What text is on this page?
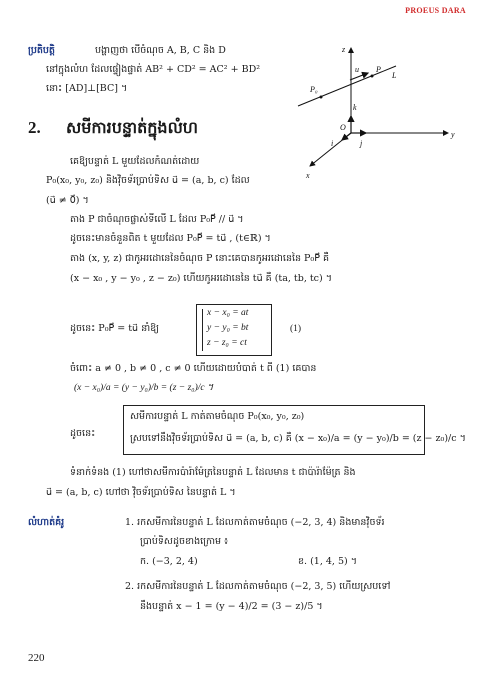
PROEUS DARA
ប្រតិបត្តិ	បង្ហាញថា បើចំណុច A, B, C និង D
នៅក្នុងលំហ ដែលផ្ទៀងផ្ទាត់ AB² + CD² = AC² + BD²
នោះ [AD]⊥[BC] ។
2. សមីការបន្ទាត់ក្នុងលំហ
z
y
x
O
P₀
P
L
u
k
i	j
គេឱ្យបន្ទាត់ L មួយដែលកំណត់ដោយ
P₀(x₀, y₀, z₀) និងវ៉ិចទ័រប្រាប់ទិស u⃗ = (a, b, c) ដែល
(u⃗ ≠ 0⃗) ។
តាង P ជាចំណុចផ្លាស់ទីលើ L ដែល P₀P⃗ // u⃗ ។
ដូចនេះមានចំនួនពិត t មួយដែល P₀P⃗ = tu⃗ , (t∈ℝ) ។
តាង (x, y, z) ជាកូអរដោនេនៃចំណុច P នោះគេបានកូអរដោនេនៃ P₀P⃗ គឺ
(x − x₀ , y − y₀ , z − z₀) ហើយកូអរដោនេនៃ tu⃗ គឺ (ta, tb, tc) ។
ដូចនេះ P₀P⃗ = tu⃗ នាំឱ្យ
x − x₀ = at
y − y₀ = bt
z − z₀ = ct
(1)
ចំពោះ a ≠ 0 , b ≠ 0 , c ≠ 0 ហើយដោយបំបាត់ t ពី (1) គេបាន
(x − x₀)/a = (y − y₀)/b = (z − z₀)/c ។
ដូចនេះ
សមីការបន្ទាត់ L កាត់តាមចំណុច P₀(x₀, y₀, z₀)
ស្របទៅនឹងវ៉ិចទ័រប្រាប់ទិស u⃗ = (a, b, c) គឺ (x − x₀)/a = (y − y₀)/b = (z − z₀)/c ។
ទំនាក់ទំនង (1) ហៅថាសមីការប៉ារ៉ាម៉ែត្រនៃបន្ទាត់ L ដែលមាន t ជាប៉ារ៉ាម៉ែត្រ និង
u⃗ = (a, b, c) ហៅថា វ៉ិចទ័រប្រាប់ទិស នៃបន្ទាត់ L ។
លំហាត់គំរូ	1. រកសមីការនៃបន្ទាត់ L ដែលកាត់តាមចំណុច (−2, 3, 4) និងមានវ៉ិចទ័រ
ប្រាប់ទិសដូចខាងក្រោម ៖
ក. (−3, 2, 4)	ខ. (1, 4, 5) ។
2. រកសមីការនៃបន្ទាត់ L ដែលកាត់តាមចំណុច (−2, 3, 5) ហើយស្របទៅ
នឹងបន្ទាត់ x − 1 = (y − 4)/2 = (3 − z)/5 ។
220
